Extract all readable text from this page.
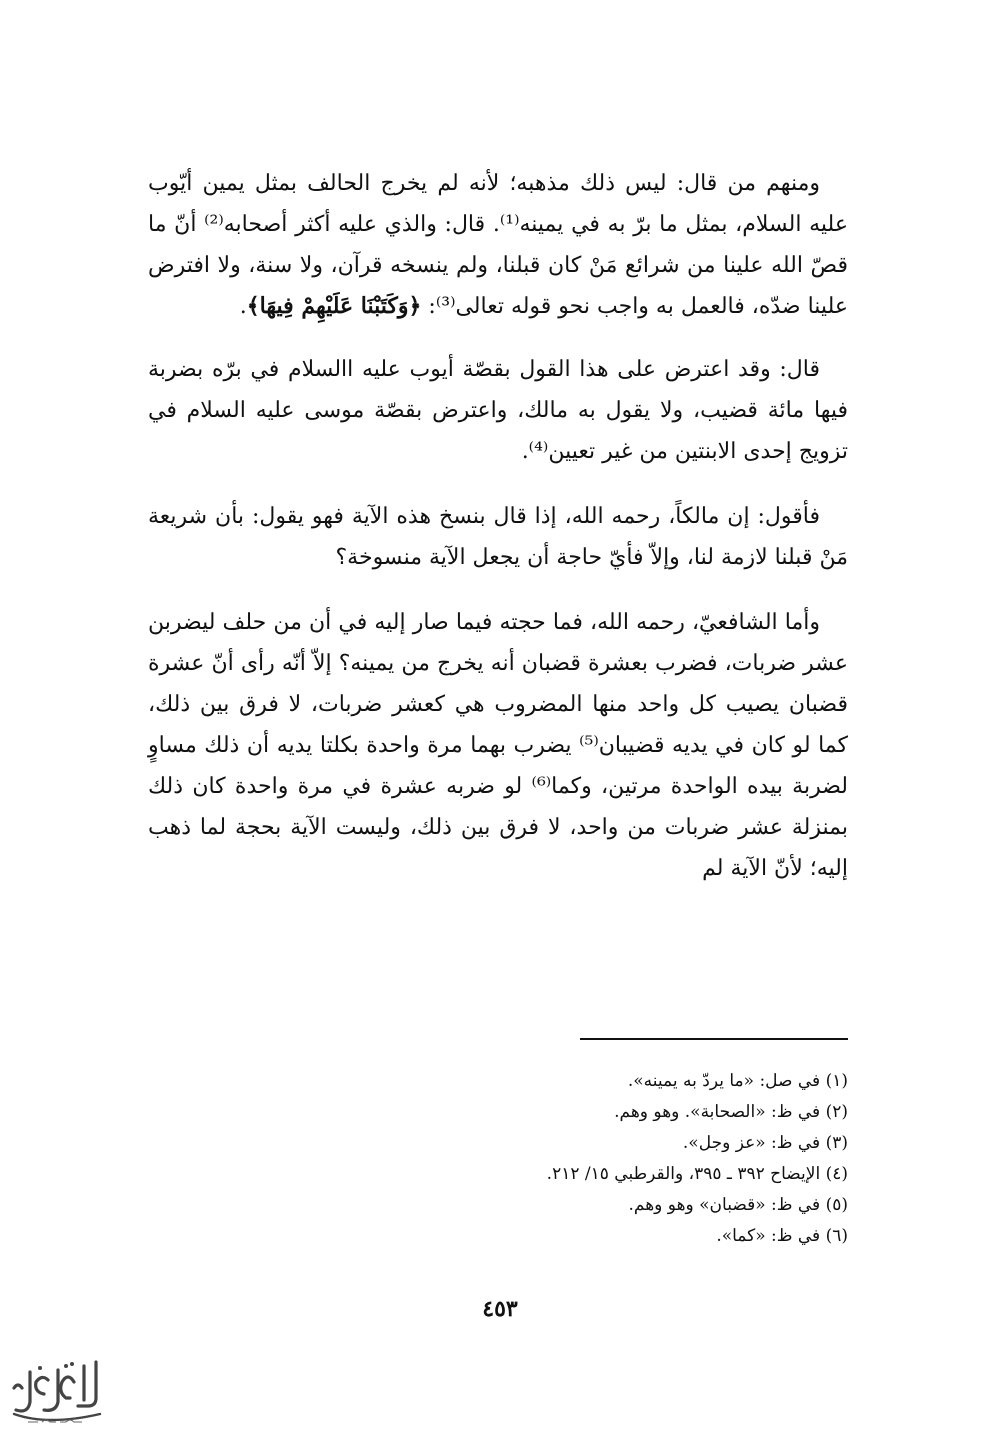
ومنهم من قال: ليس ذلك مذهبه؛ لأنه لم يخرج الحالف بمثل يمين أيّوب عليه السلام، بمثل ما برّ به في يمينه⁽¹⁾. قال: والذي عليه أكثر أصحابه⁽²⁾ أنّ ما قصّ الله علينا من شرائع مَنْ كان قبلنا، ولم ينسخه قرآن، ولا سنة، ولا افترض علينا ضدّه، فالعمل به واجب نحو قوله تعالى⁽³⁾: ﴿وَكَتَبْنَا عَلَيْهِمْ فِيهَا﴾.

قال: وقد اعترض على هذا القول بقصّة أيوب عليه االسلام في برّه بضربة فيها مائة قضيب، ولا يقول به مالك، واعترض بقصّة موسى عليه السلام في تزويج إحدى الابنتين من غير تعيين⁽⁴⁾.

فأقول: إن مالكاً، رحمه الله، إذا قال بنسخ هذه الآية فهو يقول: بأن شريعة مَنْ قبلنا لازمة لنا، وإلاّ فأيّ حاجة أن يجعل الآية منسوخة؟

وأما الشافعيّ، رحمه الله، فما حجته فيما صار إليه في أن من حلف ليضربن عشر ضربات، فضرب بعشرة قضبان أنه يخرج من يمينه؟ إلاّ أنّه رأى أنّ عشرة قضبان يصيب كل واحد منها المضروب هي كعشر ضربات، لا فرق بين ذلك، كما لو كان في يديه قضيبان⁽⁵⁾ يضرب بهما مرة واحدة بكلتا يديه أن ذلك مساوٍ لضربة بيده الواحدة مرتين، وكما⁽⁶⁾ لو ضربه عشرة في مرة واحدة كان ذلك بمنزلة عشر ضربات من واحد، لا فرق بين ذلك، وليست الآية بحجة لما ذهب إليه؛ لأنّ الآية لم

(١) في صل: «ما يردّ به يمينه».
(٢) في ظ: «الصحابة». وهو وهم.
(٣) في ظ: «عز وجل».
(٤) الإيضاح ٣٩٢ ـ ٣٩٥، والقرطبي ١٥/ ٢١٢.
(٥) في ظ: «قضبان» وهو وهم.
(٦) في ظ: «كما».
٤٥٣
